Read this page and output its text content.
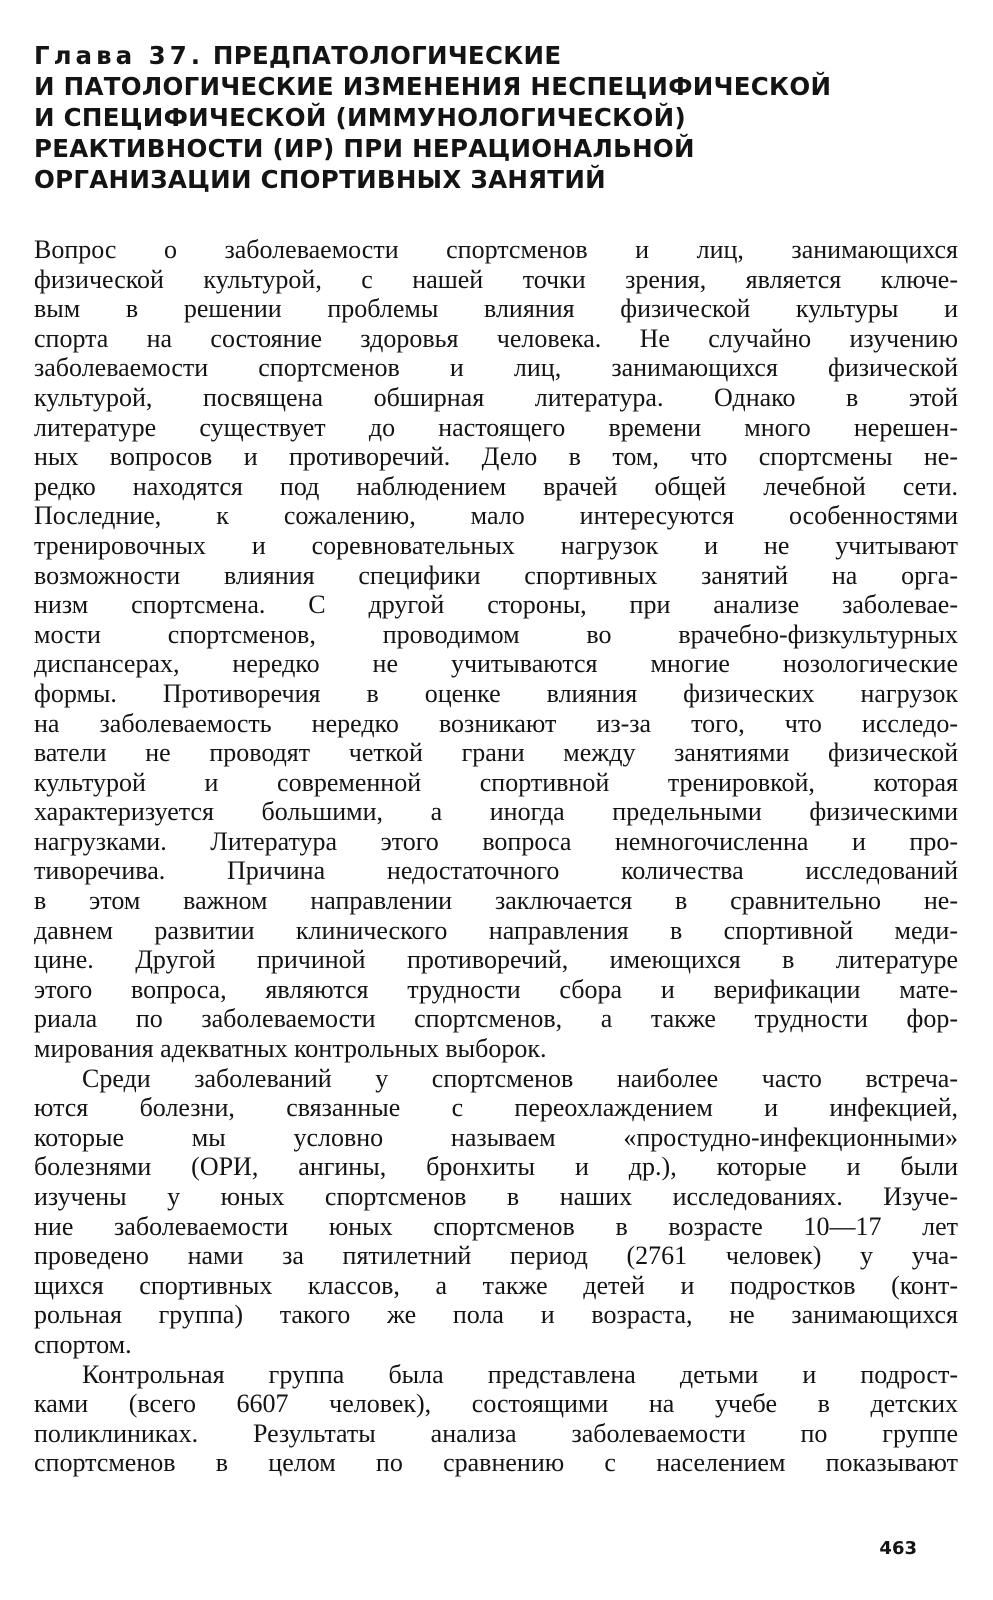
Глава 37. ПРЕДПАТОЛОГИЧЕСКИЕ
И ПАТОЛОГИЧЕСКИЕ ИЗМЕНЕНИЯ НЕСПЕЦИФИЧЕСКОЙ
И СПЕЦИФИЧЕСКОЙ (ИММУНОЛОГИЧЕСКОЙ)
РЕАКТИВНОСТИ (ИР) ПРИ НЕРАЦИОНАЛЬНОЙ
ОРГАНИЗАЦИИ СПОРТИВНЫХ ЗАНЯТИЙ
Вопрос о заболеваемости спортсменов и лиц, занимающихся
физической культурой, с нашей точки зрения, является ключе-
вым в решении проблемы влияния физической культуры и
спорта на состояние здоровья человека. Не случайно изучению
заболеваемости спортсменов и лиц, занимающихся физической
культурой, посвящена обширная литература. Однако в этой
литературе существует до настоящего времени много нерешен-
ных вопросов и противоречий. Дело в том, что спортсмены не-
редко находятся под наблюдением врачей общей лечебной сети.
Последние, к сожалению, мало интересуются особенностями
тренировочных и соревновательных нагрузок и не учитывают
возможности влияния специфики спортивных занятий на орга-
низм спортсмена. С другой стороны, при анализе заболевае-
мости спортсменов, проводимом во врачебно-физкультурных
диспансерах, нередко не учитываются многие нозологические
формы. Противоречия в оценке влияния физических нагрузок
на заболеваемость нередко возникают из-за того, что исследо-
ватели не проводят четкой грани между занятиями физической
культурой и современной спортивной тренировкой, которая
характеризуется большими, а иногда предельными физическими
нагрузками. Литература этого вопроса немногочисленна и про-
тиворечива. Причина недостаточного количества исследований
в этом важном направлении заключается в сравнительно не-
давнем развитии клинического направления в спортивной меди-
цине. Другой причиной противоречий, имеющихся в литературе
этого вопроса, являются трудности сбора и верификации мате-
риала по заболеваемости спортсменов, а также трудности фор-
мирования адекватных контрольных выборок.
Среди заболеваний у спортсменов наиболее часто встреча-
ются болезни, связанные с переохлаждением и инфекцией,
которые мы условно называем «простудно-инфекционными»
болезнями (ОРИ, ангины, бронхиты и др.), которые и были
изучены у юных спортсменов в наших исследованиях. Изуче-
ние заболеваемости юных спортсменов в возрасте 10—17 лет
проведено нами за пятилетний период (2761 человек) у уча-
щихся спортивных классов, а также детей и подростков (конт-
рольная группа) такого же пола и возраста, не занимающихся
спортом.
Контрольная группа была представлена детьми и подрост-
ками (всего 6607 человек), состоящими на учебе в детских
поликлиниках. Результаты анализа заболеваемости по группе
спортсменов в целом по сравнению с населением показывают
463
